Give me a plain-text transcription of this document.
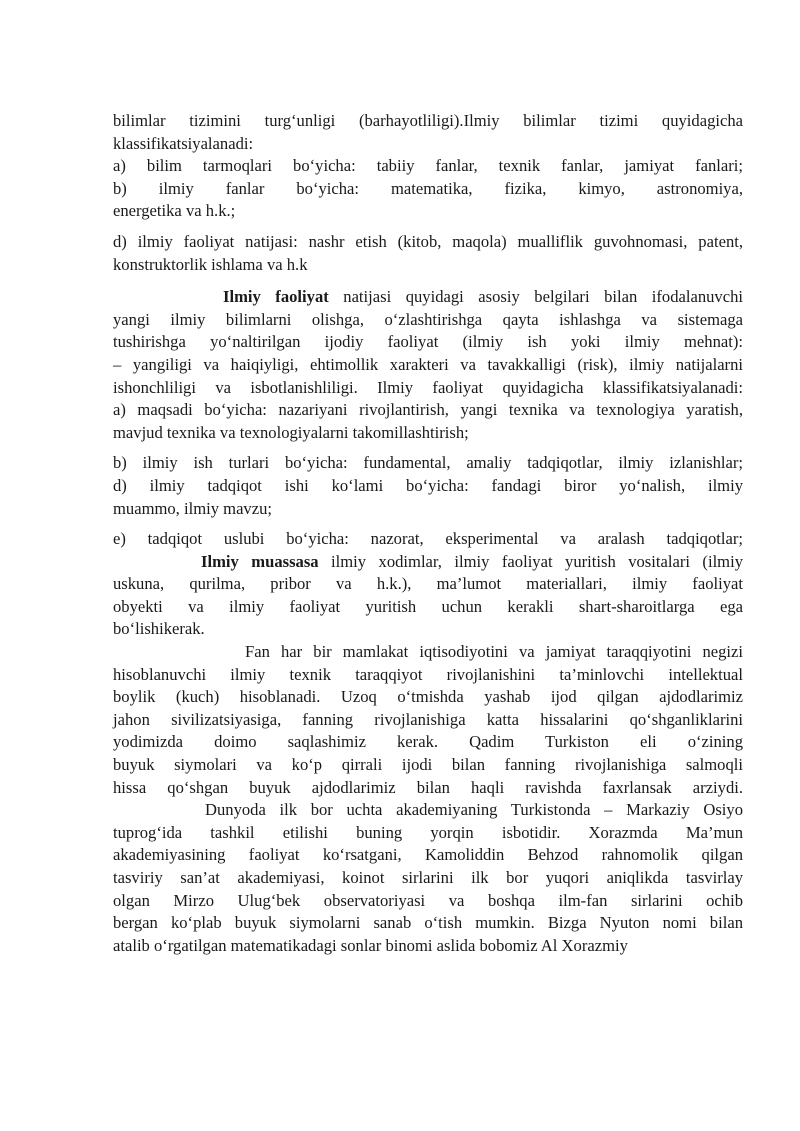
bilimlar tizimini turg‘unligi (barhayotliligi).Ilmiy bilimlar tizimi quyidagicha

klassifikatsiyalanadi:

a) bilim tarmoqlari bo‘yicha: tabiiy fanlar, texnik fanlar, jamiyat fanlari;

b) ilmiy fanlar bo‘yicha: matematika, fizika, kimyo, astronomiya,

energetika va h.k.;

d) ilmiy faoliyat natijasi: nashr etish (kitob, maqola) mualliflik guvohnomasi, patent,

konstruktorlik ishlama va h.k

Ilmiy faoliyat natijasi quyidagi asosiy belgilari bilan ifodalanuvchi

yangi ilmiy bilimlarni olishga, o‘zlashtirishga qayta ishlashga va sistemaga

tushirishga yo‘naltirilgan ijodiy faoliyat (ilmiy ish yoki ilmiy mehnat):

– yangiligi va haiqiyligi, ehtimollik xarakteri va tavakkalligi (risk), ilmiy natijalarni

ishonchliligi va isbotlanishliligi. Ilmiy faoliyat quyidagicha klassifikatsiyalanadi:

a) maqsadi bo‘yicha: nazariyani rivojlantirish, yangi texnika va texnologiya yaratish,

mavjud texnika va texnologiyalarni takomillashtirish;

b) ilmiy ish turlari bo‘yicha: fundamental, amaliy tadqiqotlar, ilmiy izlanishlar;

d) ilmiy tadqiqot ishi ko‘lami bo‘yicha: fandagi biror yo‘nalish, ilmiy

muammo, ilmiy mavzu;

e) tadqiqot uslubi bo‘yicha: nazorat, eksperimental va aralash tadqiqotlar;

Ilmiy muassasa ilmiy xodimlar, ilmiy faoliyat yuritish vositalari (ilmiy

uskuna, qurilma, pribor va h.k.), ma’lumot materiallari, ilmiy faoliyat

obyekti va ilmiy faoliyat yuritish uchun kerakli shart-sharoitlarga ega

bo‘lishikerak.

Fan har bir mamlakat iqtisodiyotini va jamiyat taraqqiyotini negizi

hisoblanuvchi ilmiy texnik taraqqiyot rivojlanishini ta’minlovchi intellektual

boylik (kuch) hisoblanadi. Uzoq o‘tmishda yashab ijod qilgan ajdodlarimiz

jahon sivilizatsiyasiga, fanning rivojlanishiga katta hissalarini qo‘shganliklarini

yodimizda doimo saqlashimiz kerak. Qadim Turkiston eli o‘zining

buyuk siymolari va ko‘p qirrali ijodi bilan fanning rivojlanishiga salmoqli

hissa qo‘shgan buyuk ajdodlarimiz bilan haqli ravishda faxrlansak arziydi.

Dunyoda ilk bor uchta akademiyaning Turkistonda – Markaziy Osiyo

tuprog‘ida tashkil etilishi buning yorqin isbotidir. Xorazmda Ma’mun

akademiyasining faoliyat ko‘rsatgani, Kamoliddin Behzod rahnomolik qilgan

tasviriy san’at akademiyasi, koinot sirlarini ilk bor yuqori aniqlikda tasvirlay

olgan Mirzo Ulug‘bek observatoriyasi va boshqa ilm-fan sirlarini ochib

bergan ko‘plab buyuk siymolarni sanab o‘tish mumkin. Bizga Nyuton nomi bilan

atalib o‘rgatilgan matematikadagi sonlar binomi aslida bobomiz Al Xorazmiy
